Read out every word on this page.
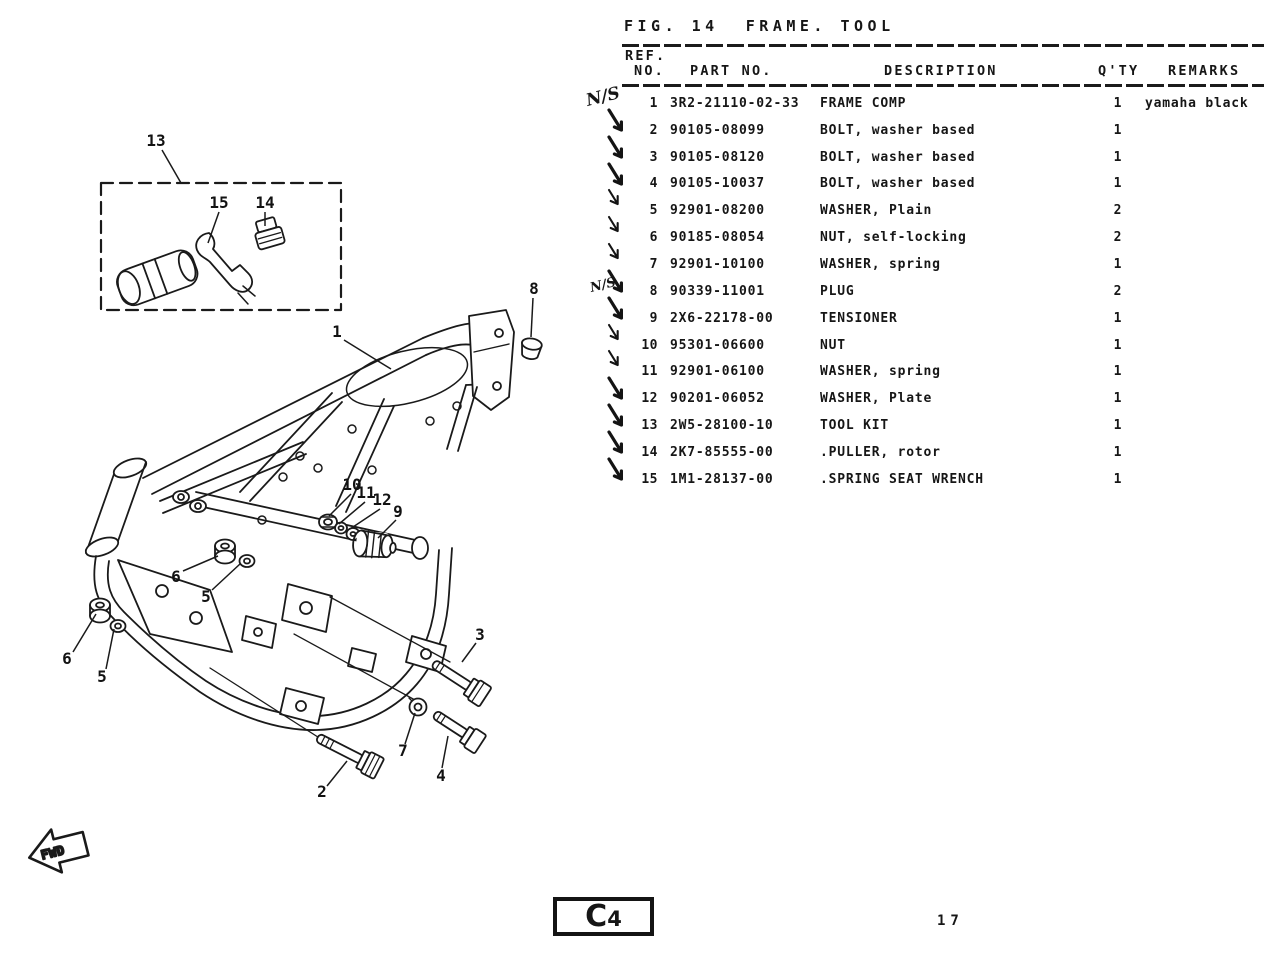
FWD
13
15 14
1
8
10
11
12
9
6
5
6
5
3
7
2
4
FIG. 14  FRAME. TOOL
REF.
NO. PART NO.	DESCRIPTION	Q'TY REMARKS
N/S	1 3R2-21110-02-33	FRAME COMP	1	yamaha black
2 90105-08099	BOLT, washer based	1
3 90105-08120	BOLT, washer based	1
4 90105-10037	BOLT, washer based	1
5 92901-08200	WASHER, Plain	2
6 90185-08054	NUT, self-locking	2
7 92901-10100	WASHER, spring	1
N/S	8 90339-11001	PLUG	2
9 2X6-22178-00	TENSIONER	1
10 95301-06600	NUT	1
11 92901-06100	WASHER, spring	1
12 90201-06052	WASHER, Plate	1
13 2W5-28100-10	TOOL KIT	1
14 2K7-85555-00	.PULLER, rotor	1
15 1M1-28137-00	.SPRING SEAT WRENCH	1
C 4	17
